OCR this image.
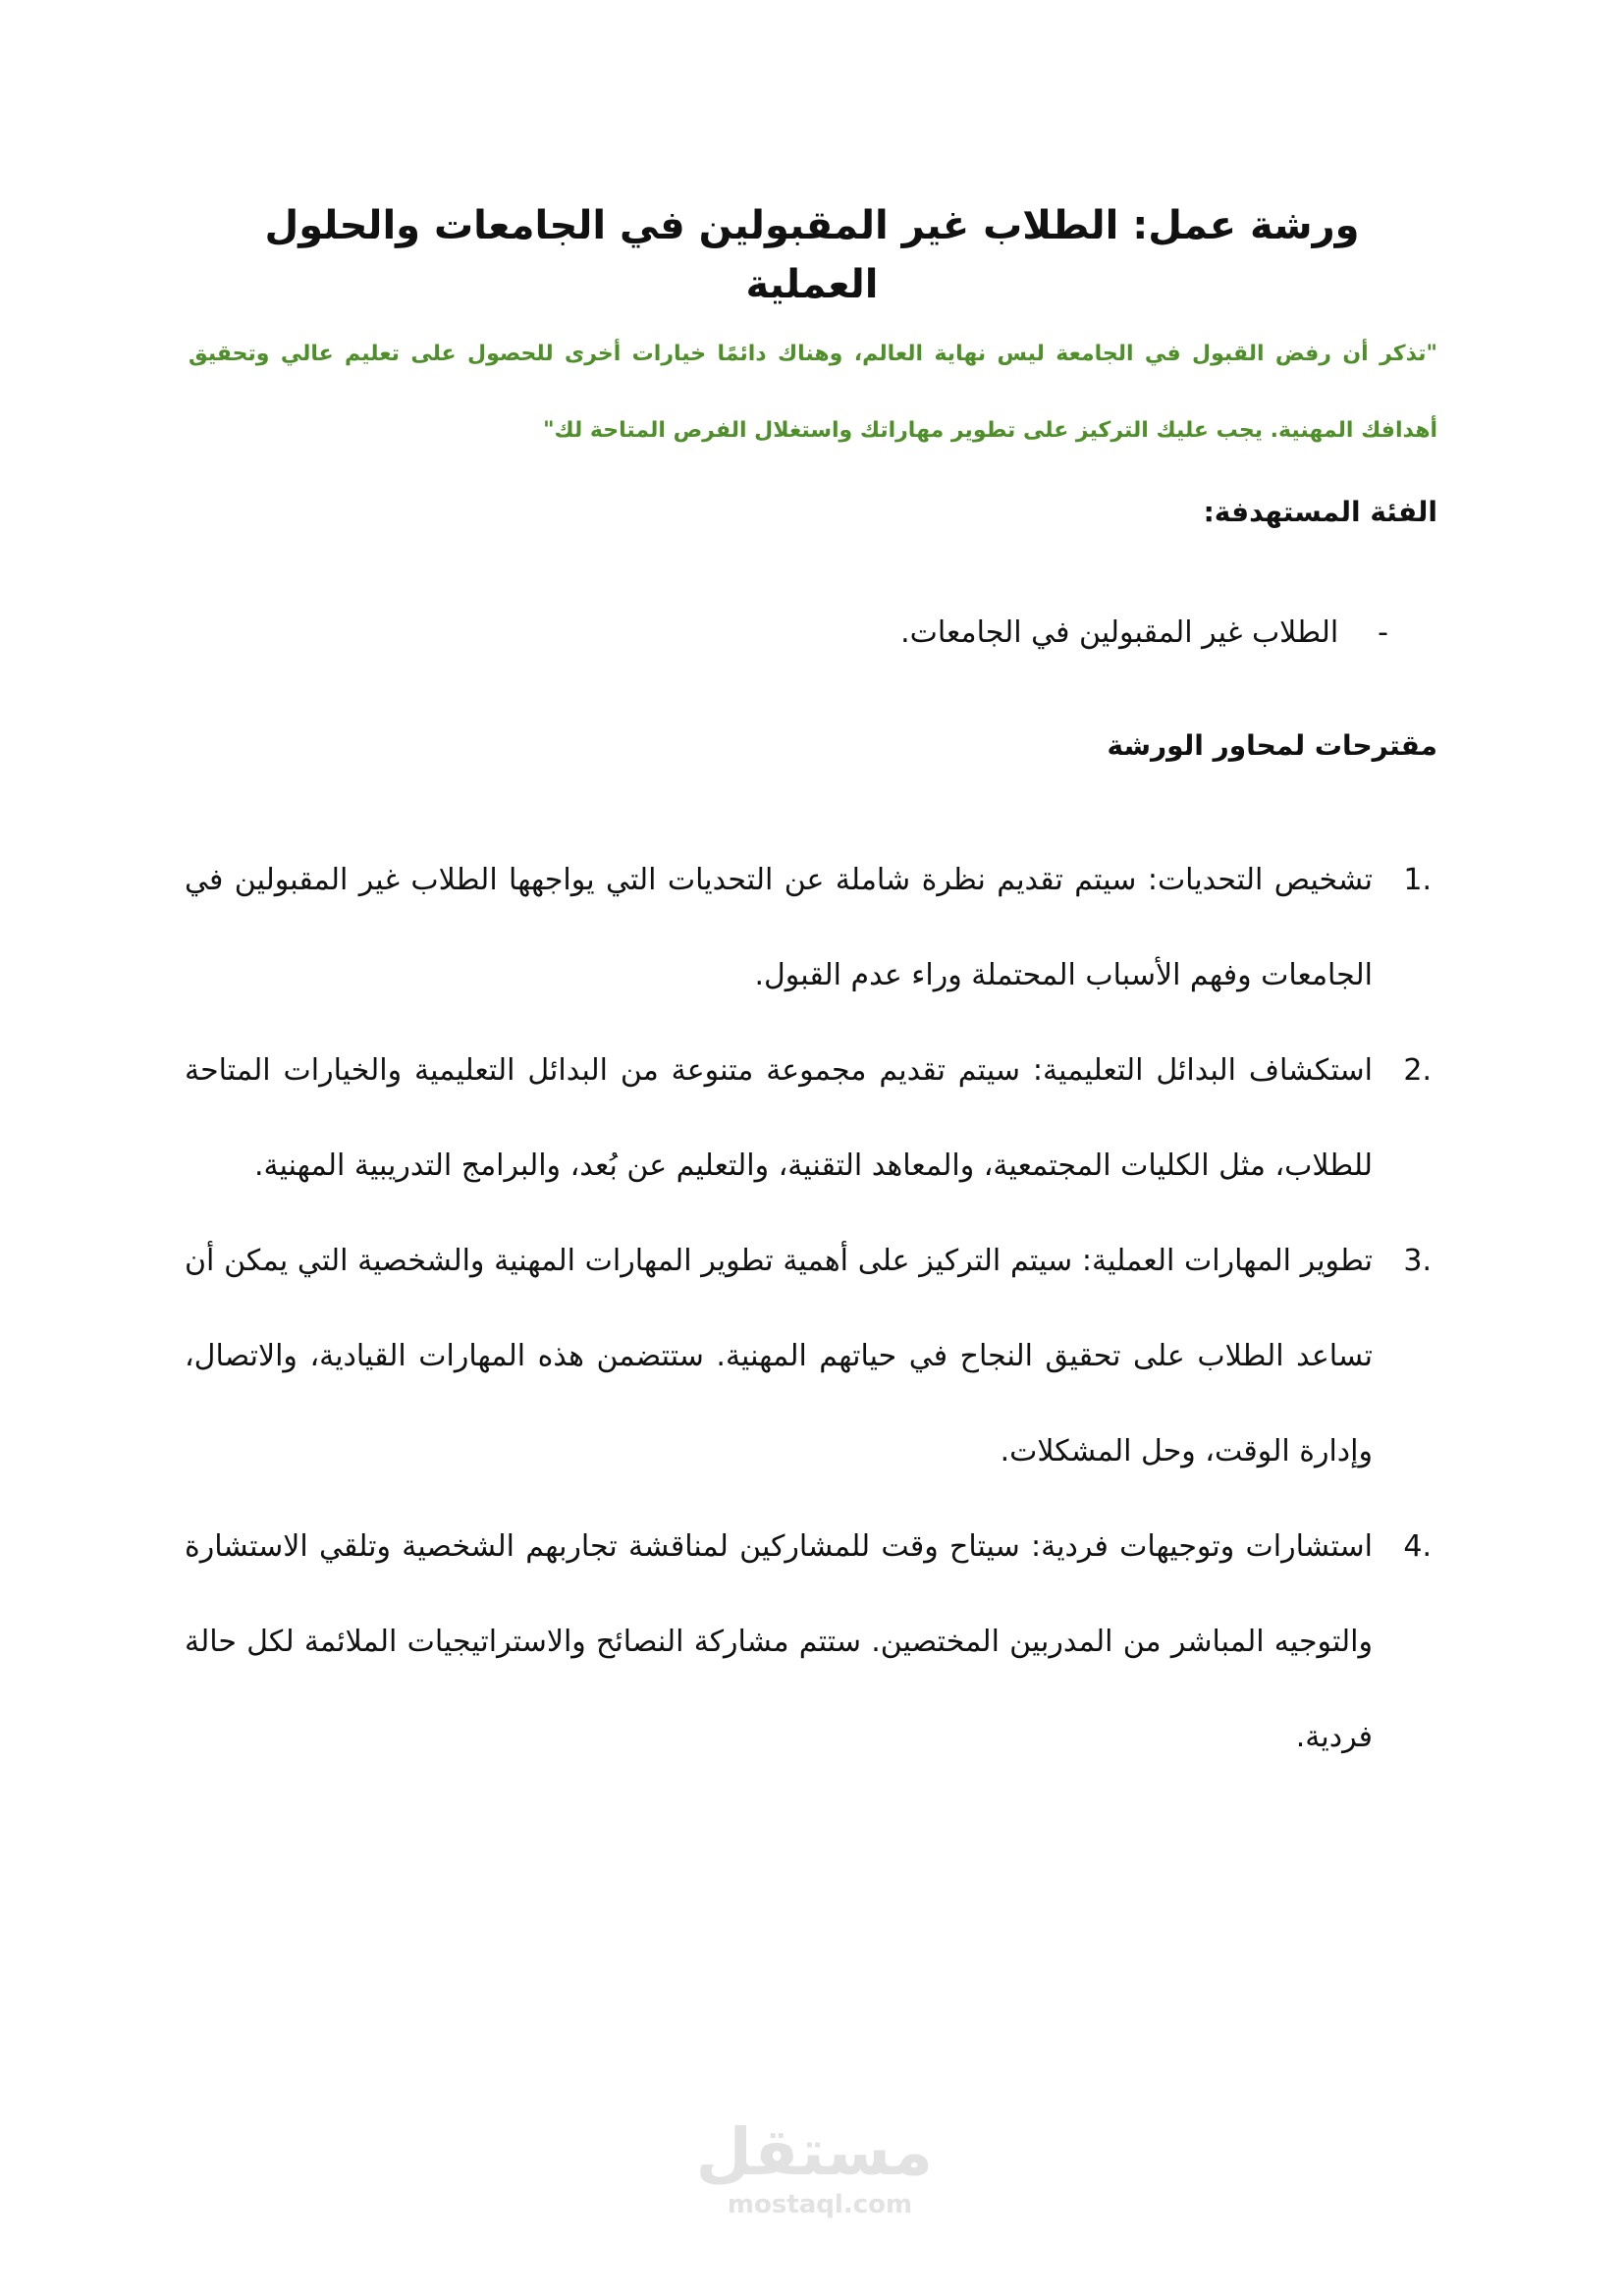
ورشة عمل: الطلاب غير المقبولين في الجامعات والحلول العملية

"تذكر أن رفض القبول في الجامعة ليس نهاية العالم، وهناك دائمًا خيارات أخرى للحصول على تعليم عالي وتحقيق أهدافك المهنية. يجب عليك التركيز على تطوير مهاراتك واستغلال الفرص المتاحة لك"

الفئة المستهدفة:
-
الطلاب غير المقبولين في الجامعات.
مقترحات لمحاور الورشة
1.
تشخيص التحديات: سيتم تقديم نظرة شاملة عن التحديات التي يواجهها الطلاب غير المقبولين في الجامعات وفهم الأسباب المحتملة وراء عدم القبول.
2.
استكشاف البدائل التعليمية: سيتم تقديم مجموعة متنوعة من البدائل التعليمية والخيارات المتاحة للطلاب، مثل الكليات المجتمعية، والمعاهد التقنية، والتعليم عن بُعد، والبرامج التدريبية المهنية.
3.
تطوير المهارات العملية: سيتم التركيز على أهمية تطوير المهارات المهنية والشخصية التي يمكن أن تساعد الطلاب على تحقيق النجاح في حياتهم المهنية. ستتضمن هذه المهارات القيادية، والاتصال، وإدارة الوقت، وحل المشكلات.
4.
استشارات وتوجيهات فردية: سيتاح وقت للمشاركين لمناقشة تجاربهم الشخصية وتلقي الاستشارة والتوجيه المباشر من المدربين المختصين. ستتم مشاركة النصائح والاستراتيجيات الملائمة لكل حالة فردية.
مستقل
mostaql.com
